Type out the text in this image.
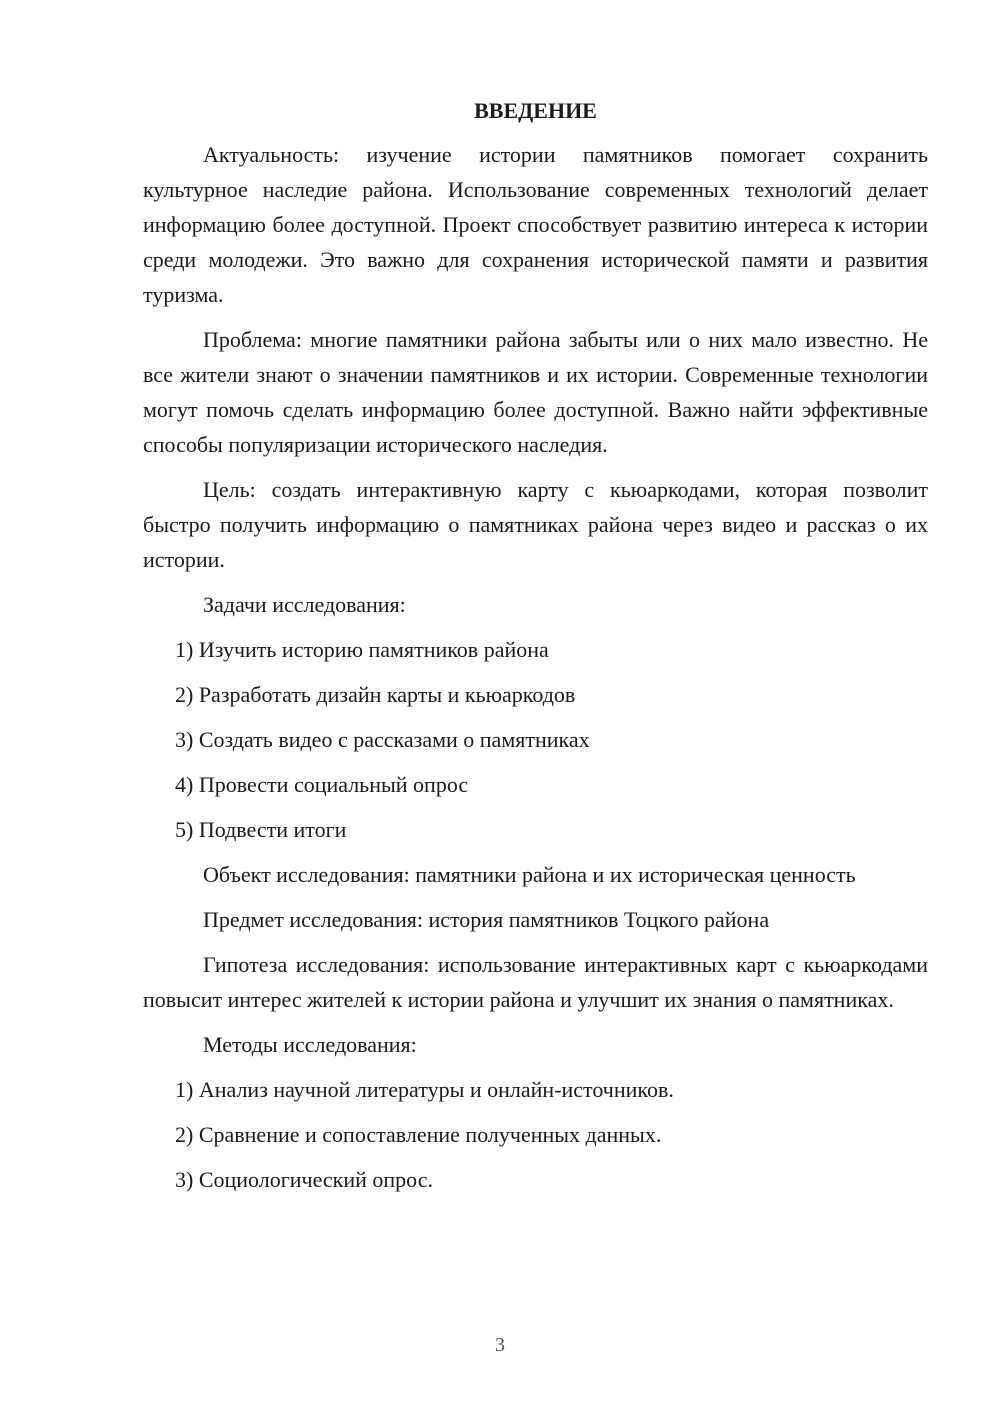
ВВЕДЕНИЕ

Актуальность: изучение истории памятников помогает сохранить культурное наследие района. Использование современных технологий делает информацию более доступной. Проект способствует развитию интереса к истории среди молодежи. Это важно для сохранения исторической памяти и развития туризма.

Проблема: многие памятники района забыты или о них мало известно. Не все жители знают о значении памятников и их истории. Современные технологии могут помочь сделать информацию более доступной. Важно найти эффективные способы популяризации исторического наследия.

Цель: создать интерактивную карту с кьюаркодами, которая позволит быстро получить информацию о памятниках района через видео и рассказ о их истории.

Задачи исследования:

1) Изучить историю памятников района
2) Разработать дизайн карты и кьюаркодов
3) Создать видео с рассказами о памятниках
4) Провести социальный опрос
5) Подвести итоги

Объект исследования: памятники района и их историческая ценность

Предмет исследования: история памятников Тоцкого района

Гипотеза исследования: использование интерактивных карт с кьюаркодами повысит интерес жителей к истории района и улучшит их знания о памятниках.

Методы исследования:

1) Анализ научной литературы и онлайн-источников.
2) Сравнение и сопоставление полученных данных.
3) Социологический опрос.
3
